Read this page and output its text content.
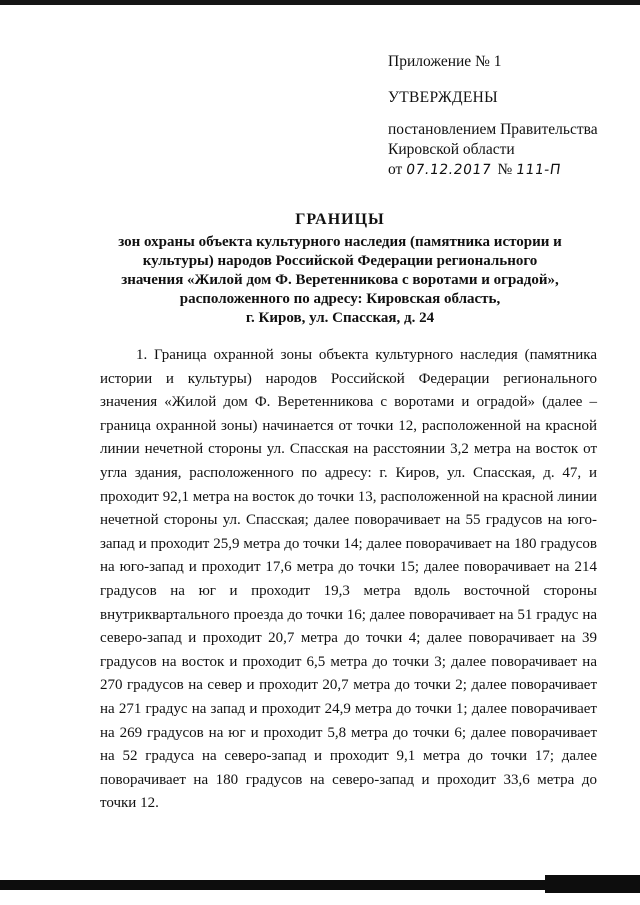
Приложение № 1
УТВЕРЖДЕНЫ
постановлением Правительства
Кировской области
от 07.12.2017 № 111-П
ГРАНИЦЫ
зон охраны объекта культурного наследия (памятника истории и
культуры) народов Российской Федерации регионального
значения «Жилой дом Ф. Веретенникова с воротами и оградой»,
расположенного по адресу: Кировская область,
г. Киров, ул. Спасская, д. 24

1. Граница охранной зоны объекта культурного наследия (памятника истории и культуры) народов Российской Федерации регионального значения «Жилой дом Ф. Веретенникова с воротами и оградой» (далее – граница охранной зоны) начинается от точки 12, расположенной на красной линии нечетной стороны ул. Спасская на расстоянии 3,2 метра на восток от угла здания, расположенного по адресу: г. Киров, ул. Спасская, д. 47, и проходит 92,1 метра на восток до точки 13, расположенной на красной линии нечетной стороны ул. Спасская; далее поворачивает на 55 градусов на юго-запад и проходит 25,9 метра до точки 14; далее поворачивает на 180 градусов на юго-запад и проходит 17,6 метра до точки 15; далее поворачивает на 214 градусов на юг и проходит 19,3 метра вдоль восточной стороны внутриквартального проезда до точки 16; далее поворачивает на 51 градус на северо-запад и проходит 20,7 метра до точки 4; далее поворачивает на 39 градусов на восток и проходит 6,5 метра до точки 3; далее поворачивает на 270 градусов на север и проходит 20,7 метра до точки 2; далее поворачивает на 271 градус на запад и проходит 24,9 метра до точки 1; далее поворачивает на 269 градусов на юг и проходит 5,8 метра до точки 6; далее поворачивает на 52 градуса на северо-запад и проходит 9,1 метра до точки 17; далее поворачивает на 180 градусов на северо-запад и проходит 33,6 метра до точки 12.
